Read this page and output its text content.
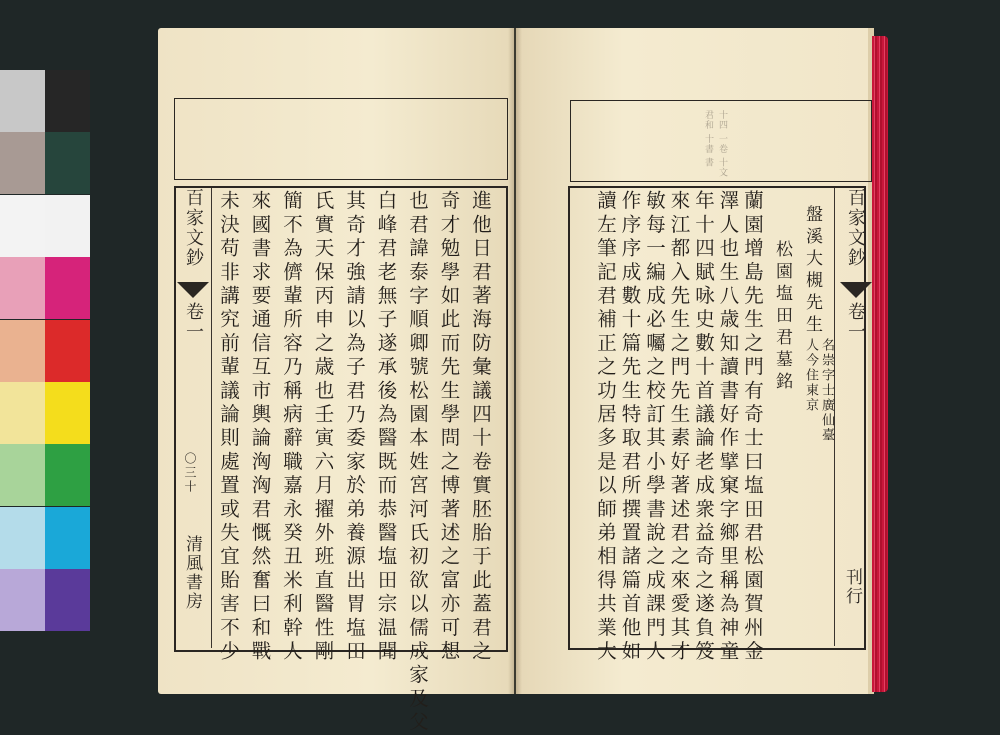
百家文鈔
卷一
〇三十
清風書房	進他日君著海防彙議四十卷實胚胎于此蓋君之
奇才勉學如此而先生學問之博著述之富亦可想
也君諱泰字順卿號松園本姓宮河氏初欲以儒成家及父
白峰君老無子遂承後為醫既而恭醫塩田宗温聞
其奇才強請以為子君乃委家於弟養源出胃塩田
氏實天保丙申之歳也壬寅六月擢外班直醫性剛
簡不為儕輩所容乃稱病辭職嘉永癸丑米利幹人
來國書求要通信互市輿論洶洶君慨然奮曰和戰
未決苟非講究前輩議論則處置或失宜貽害不少
十四 一卷 十文
君和 十書 書
百家文鈔
卷一
刊行
盤溪大槻先生
名崇字士廣仙臺
人今住東京
松園塩田君墓銘
蘭園增島先生之門有奇士曰塩田君松園賀州金
澤人也生八歳知讀書好作擘窠字鄉里稱為神童
年十四賦咏史數十首議論老成衆益奇之遂負笈
來江都入先生之門先生素好著述君之來愛其才
敏每一編成必囑之校訂其小學書說之成課門人
作序序成數十篇先生特取君所撰置諸篇首他如
讀左筆記君補正之功居多是以師弟相得共業大
